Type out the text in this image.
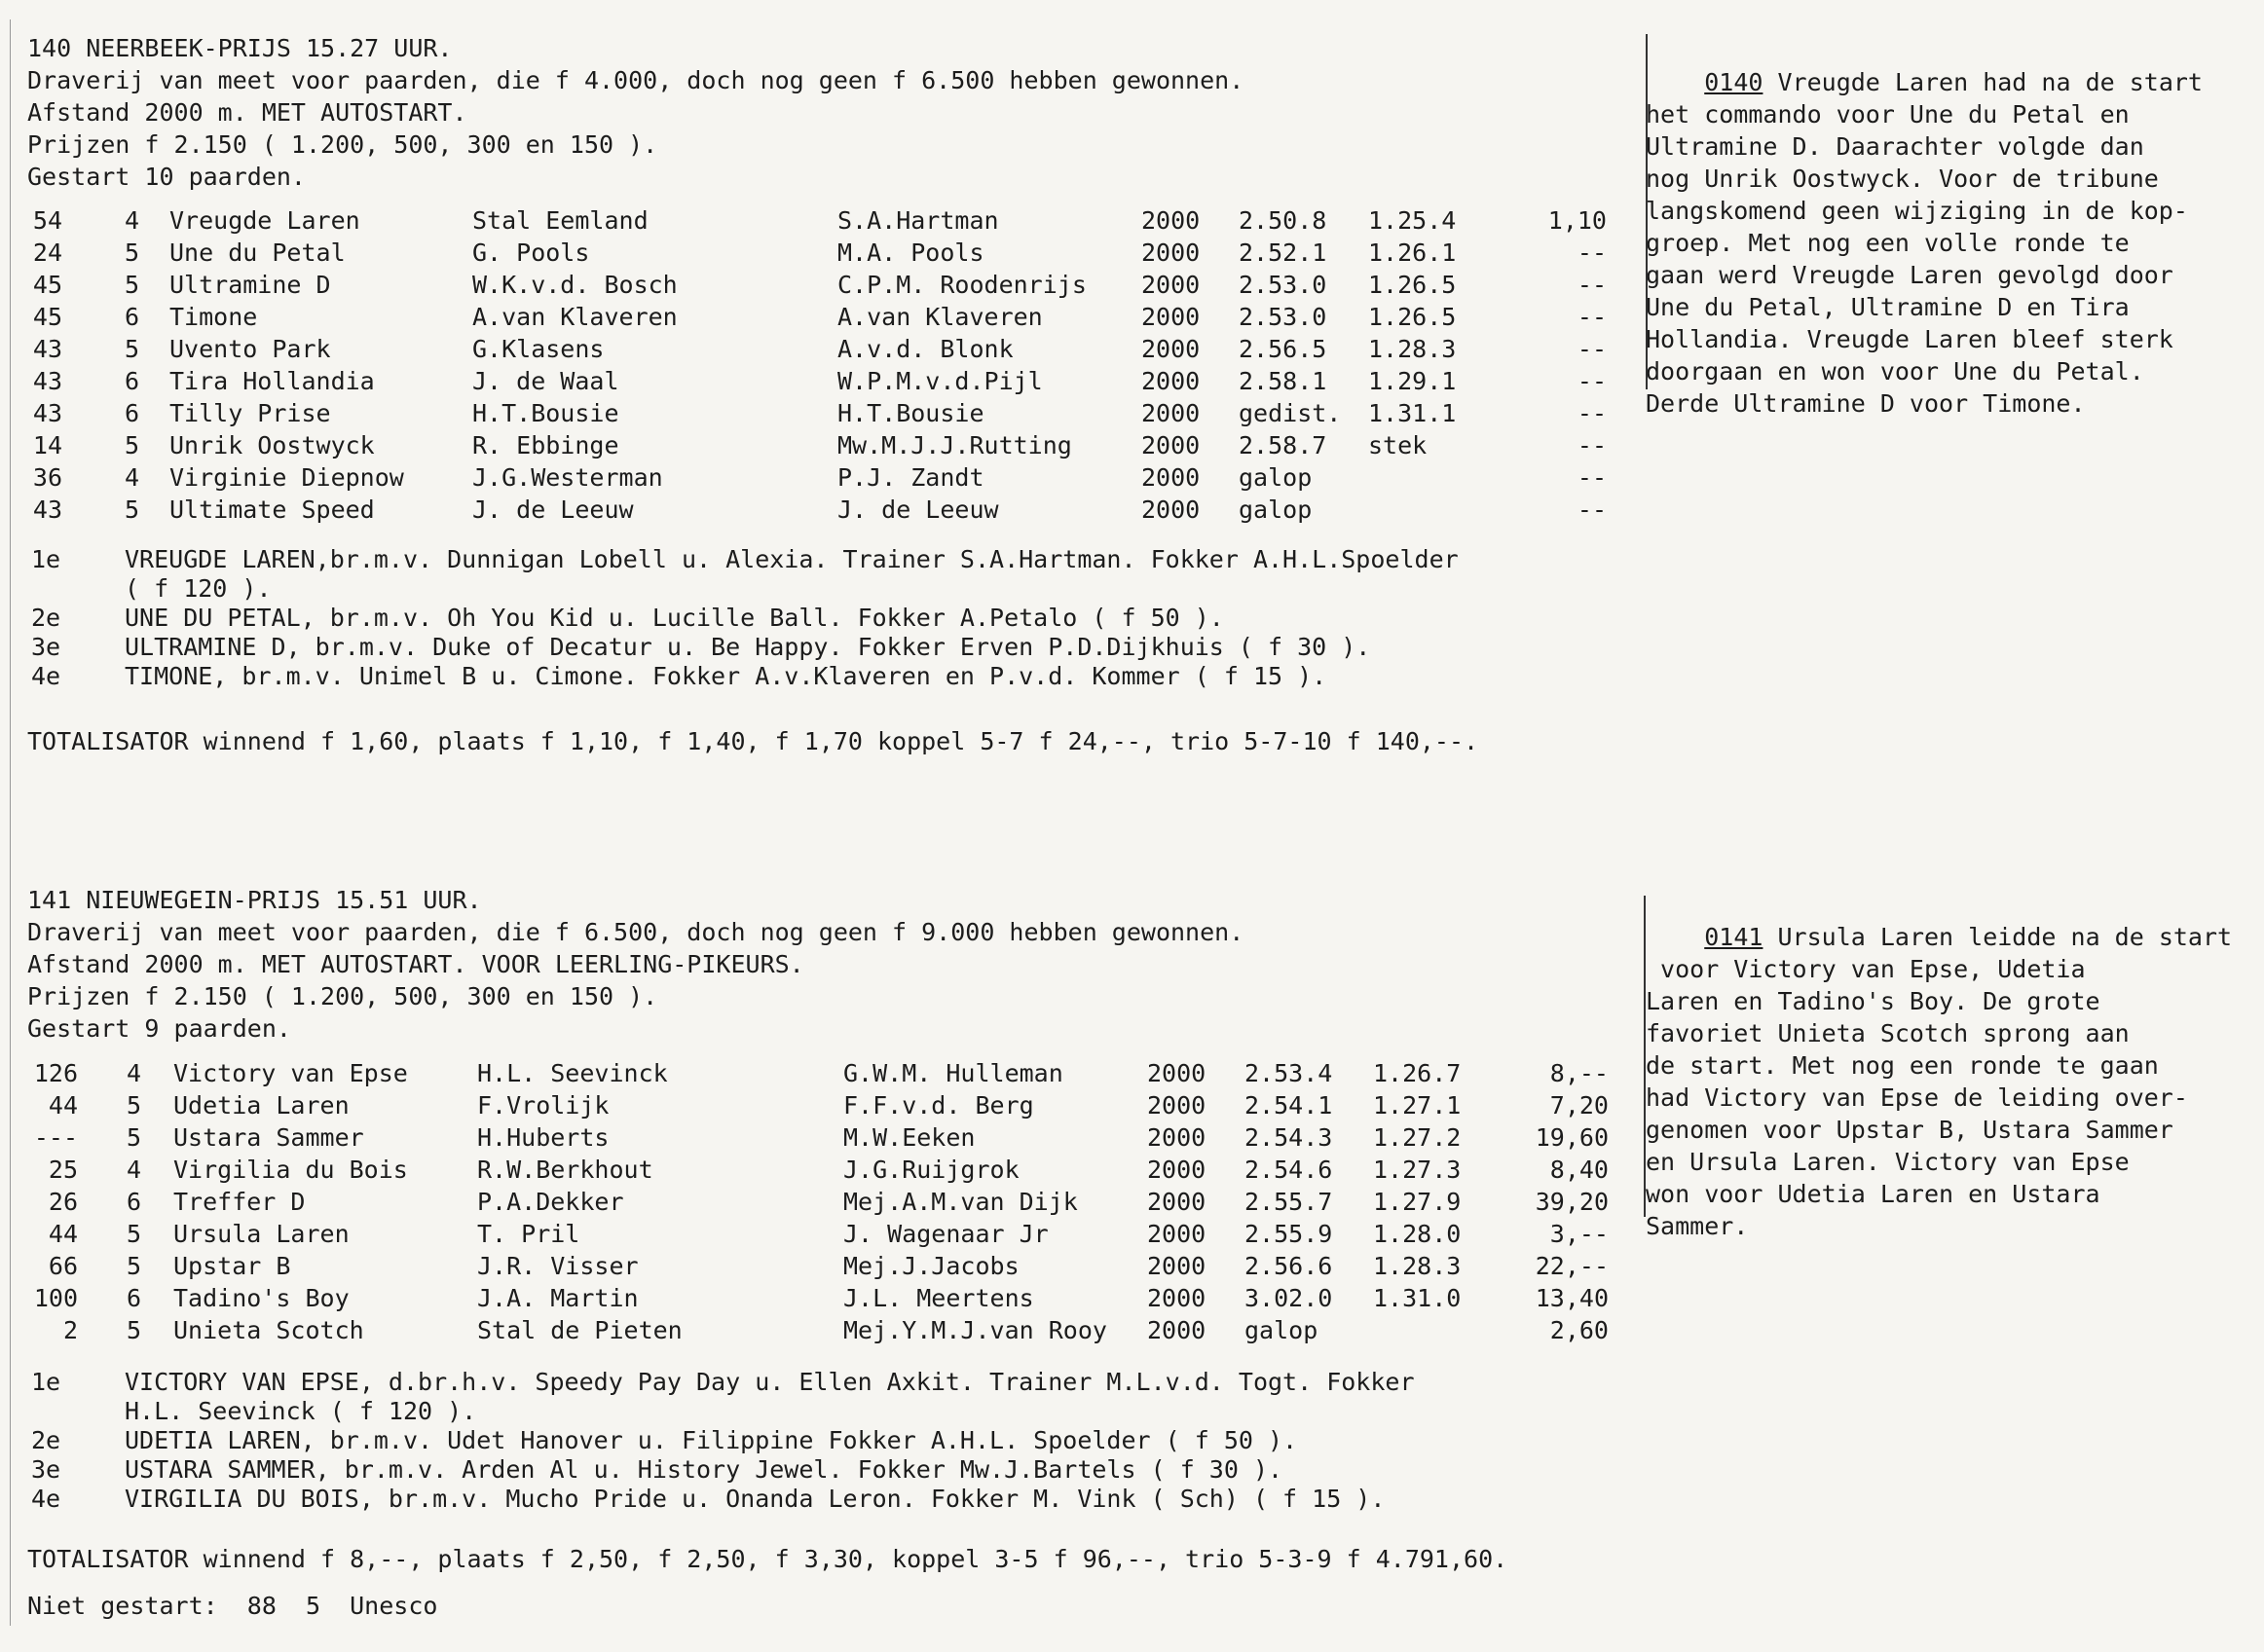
140 NEERBEEK-PRIJS 15.27 UUR.
Draverij van meet voor paarden, die f 4.000, doch nog geen f 6.500 hebben gewonnen.
Afstand 2000 m. MET AUTOSTART.
Prijzen f 2.150 ( 1.200, 500, 300 en 150 ).
Gestart 10 paarden.
54	4 Vreugde Laren	Stal Eemland	S.A.Hartman	2000 2.50.8 1.25.4	1,10
24	5 Une du Petal	G. Pools	M.A. Pools	2000 2.52.1 1.26.1	--
45	5 Ultramine D	W.K.v.d. Bosch	C.P.M. Roodenrijs 2000 2.53.0 1.26.5	--
45	6 Timone	A.van Klaveren	A.van Klaveren	2000 2.53.0 1.26.5	--
43	5 Uvento Park	G.Klasens	A.v.d. Blonk	2000 2.56.5 1.28.3	--
43	6 Tira Hollandia	J. de Waal	W.P.M.v.d.Pijl	2000 2.58.1 1.29.1	--
43	6 Tilly Prise	H.T.Bousie	H.T.Bousie	2000 gedist. 1.31.1	--
14	5 Unrik Oostwyck	R. Ebbinge	Mw.M.J.J.Rutting	2000 2.58.7 stek	--
36	4 Virginie Diepnow	J.G.Westerman	P.J. Zandt	2000 galop	--
43	5 Ultimate Speed	J. de Leeuw	J. de Leeuw	2000 galop	--
1e	VREUGDE LAREN,br.m.v. Dunnigan Lobell u. Alexia. Trainer S.A.Hartman. Fokker A.H.L.Spoelder
( f 120 ).
2e	UNE DU PETAL, br.m.v. Oh You Kid u. Lucille Ball. Fokker A.Petalo ( f 50 ).
3e	ULTRAMINE D, br.m.v. Duke of Decatur u. Be Happy. Fokker Erven P.D.Dijkhuis ( f 30 ).
4e	TIMONE, br.m.v. Unimel B u. Cimone. Fokker A.v.Klaveren en P.v.d. Kommer ( f 15 ).
TOTALISATOR winnend f 1,60, plaats f 1,10, f 1,40, f 1,70 koppel 5-7 f 24,--, trio 5-7-10 f 140,--.

0140 Vreugde Laren had na de start
het commando voor Une du Petal en
Ultramine D. Daarachter volgde dan
nog Unrik Oostwyck. Voor de tribune
langskomend geen wijziging in de kop-
groep. Met nog een volle ronde te
gaan werd Vreugde Laren gevolgd door
Une du Petal, Ultramine D en Tira
Hollandia. Vreugde Laren bleef sterk
doorgaan en won voor Une du Petal.
Derde Ultramine D voor Timone.

141 NIEUWEGEIN-PRIJS 15.51 UUR.
Draverij van meet voor paarden, die f 6.500, doch nog geen f 9.000 hebben gewonnen.
Afstand 2000 m. MET AUTOSTART. VOOR LEERLING-PIKEURS.
Prijzen f 2.150 ( 1.200, 500, 300 en 150 ).
Gestart 9 paarden.
126 4 Victory van Epse	H.L. Seevinck	G.W.M. Hulleman	2000 2.53.4 1.26.7	8,--
44 5 Udetia Laren	F.Vrolijk	F.F.v.d. Berg	2000 2.54.1 1.27.1	7,20
--- 5 Ustara Sammer	H.Huberts	M.W.Eeken	2000 2.54.3 1.27.2	19,60
25 4 Virgilia du Bois	R.W.Berkhout	J.G.Ruijgrok	2000 2.54.6 1.27.3	8,40
26 6 Treffer D	P.A.Dekker	Mej.A.M.van Dijk	2000 2.55.7 1.27.9	39,20
44 5 Ursula Laren	T. Pril	J. Wagenaar Jr	2000 2.55.9 1.28.0	3,--
66 5 Upstar B	J.R. Visser	Mej.J.Jacobs	2000 2.56.6 1.28.3	22,--
100 6 Tadino's Boy	J.A. Martin	J.L. Meertens	2000 3.02.0 1.31.0	13,40
2 5 Unieta Scotch	Stal de Pieten	Mej.Y.M.J.van Rooy 2000 galop	2,60
1e	VICTORY VAN EPSE, d.br.h.v. Speedy Pay Day u. Ellen Axkit. Trainer M.L.v.d. Togt. Fokker
H.L. Seevinck ( f 120 ).
2e	UDETIA LAREN, br.m.v. Udet Hanover u. Filippine Fokker A.H.L. Spoelder ( f 50 ).
3e	USTARA SAMMER, br.m.v. Arden Al u. History Jewel. Fokker Mw.J.Bartels ( f 30 ).
4e	VIRGILIA DU BOIS, br.m.v. Mucho Pride u. Onanda Leron. Fokker M. Vink ( Sch) ( f 15 ).
TOTALISATOR winnend f 8,--, plaats f 2,50, f 2,50, f 3,30, koppel 3-5 f 96,--, trio 5-3-9 f 4.791,60.
Niet gestart:  88  5  Unesco

0141 Ursula Laren leidde na de start
voor Victory van Epse, Udetia
Laren en Tadino's Boy. De grote
favoriet Unieta Scotch sprong aan
de start. Met nog een ronde te gaan
had Victory van Epse de leiding over-
genomen voor Upstar B, Ustara Sammer
en Ursula Laren. Victory van Epse
won voor Udetia Laren en Ustara
Sammer.
